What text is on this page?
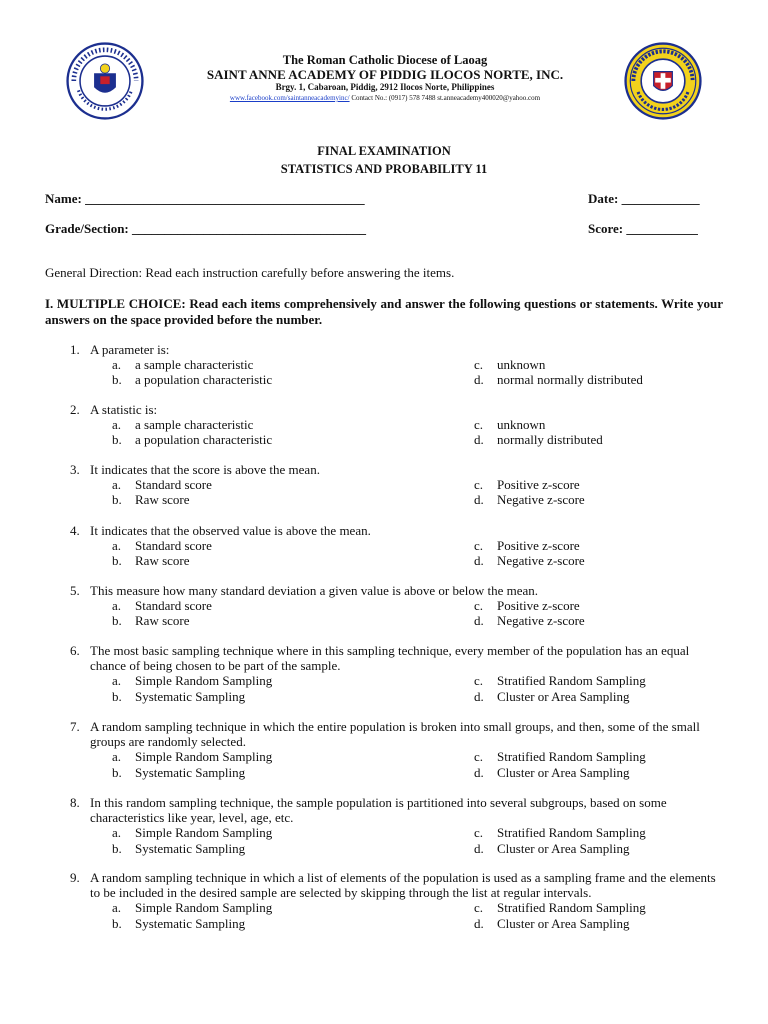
The Roman Catholic Diocese of Laoag
SAINT ANNE ACADEMY OF PIDDIG ILOCOS NORTE, INC.
Brgy. 1, Cabaroan, Piddig, 2912 Ilocos Norte, Philippines
www.facebook.com/saintanneacademyinc/ Contact No.: (0917) 578 7488 st.anneacademy400020@yahoo.com
FINAL EXAMINATION
STATISTICS AND PROBABILITY 11
Name: ___________________________________________	Date: ____________
Grade/Section: ____________________________________	Score: ___________
General Direction: Read each instruction carefully before answering the items.
I. MULTIPLE CHOICE: Read each items comprehensively and answer the following questions or statements. Write your answers on the space provided before the number.
1. A parameter is:
a. a sample characteristic	c. unknown
b. a population characteristic	d. normal normally distributed
2. A statistic is:
a. a sample characteristic	c. unknown
b. a population characteristic	d. normally distributed
3. It indicates that the score is above the mean.
a. Standard score	c. Positive z-score
b. Raw score	d. Negative z-score
4. It indicates that the observed value is above the mean.
a. Standard score	c. Positive z-score
b. Raw score	d. Negative z-score
5. This measure how many standard deviation a given value is above or below the mean.
a. Standard score	c. Positive z-score
b. Raw score	d. Negative z-score
6. The most basic sampling technique where in this sampling technique, every member of the population has an equal chance of being chosen to be part of the sample.
a. Simple Random Sampling	c. Stratified Random Sampling
b. Systematic Sampling	d. Cluster or Area Sampling
7. A random sampling technique in which the entire population is broken into small groups, and then, some of the small groups are randomly selected.
a. Simple Random Sampling	c. Stratified Random Sampling
b. Systematic Sampling	d. Cluster or Area Sampling
8. In this random sampling technique, the sample population is partitioned into several subgroups, based on some characteristics like year, level, age, etc.
a. Simple Random Sampling	c. Stratified Random Sampling
b. Systematic Sampling	d. Cluster or Area Sampling
9. A random sampling technique in which a list of elements of the population is used as a sampling frame and the elements to be included in the desired sample are selected by skipping through the list at regular intervals.
a. Simple Random Sampling	c. Stratified Random Sampling
b. Systematic Sampling	d. Cluster or Area Sampling
